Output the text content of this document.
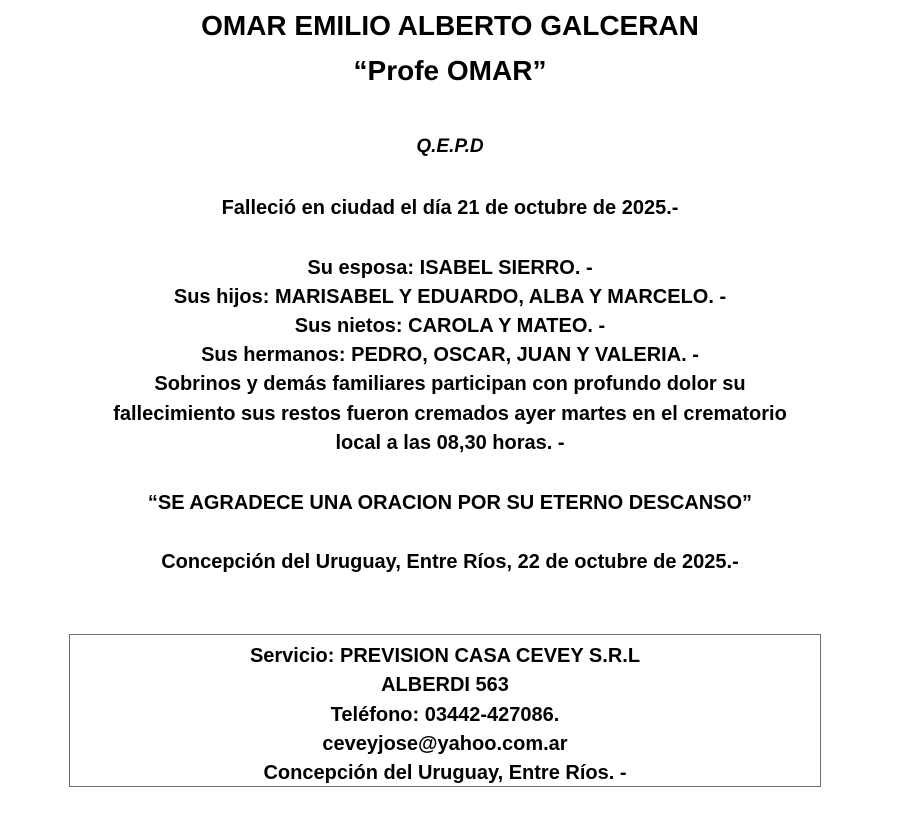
OMAR EMILIO ALBERTO GALCERAN
“Profe OMAR”
Q.E.P.D
Falleció en ciudad el día 21 de octubre de 2025.-
Su esposa: ISABEL SIERRO. -
Sus hijos: MARISABEL Y EDUARDO, ALBA Y MARCELO. -
Sus nietos: CAROLA Y MATEO. -
Sus hermanos: PEDRO, OSCAR, JUAN Y VALERIA. -
Sobrinos y demás familiares participan con profundo dolor su
fallecimiento sus restos fueron cremados ayer martes en el crematorio
local a las 08,30 horas. -
“SE AGRADECE UNA ORACION POR SU ETERNO DESCANSO”
Concepción del Uruguay, Entre Ríos, 22 de octubre de 2025.-
Servicio: PREVISION CASA CEVEY S.R.L
ALBERDI 563
Teléfono: 03442-427086.
ceveyjose@yahoo.com.ar
Concepción del Uruguay, Entre Ríos. -
